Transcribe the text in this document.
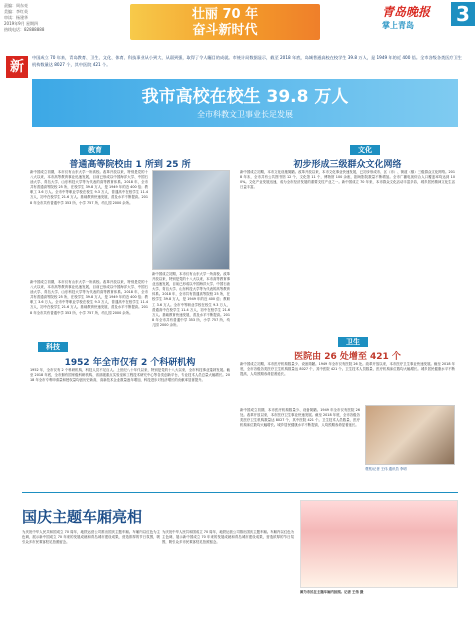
责编：周东亮
美编：李红英
审读：杨建华
2019年9月 星期四
热线电话：82888888
壮丽 70 年
奋斗新时代
青岛晚报
掌上青岛	3
新
中国成立 70 年来，青岛教育、卫生、文化、体育、科技事业从小到大、从弱到强，取得了令人瞩目的成就。市统计局数据显示，截至 2018 年底，岛城普通高校在校学生 39.8 万人，是 1949 年的近 400 倍。全市各级各类医疗卫生机构数量达 8027 个，其中医院 421 个。
我市高校在校生 39.8 万人
全市科教文卫事业长足发展
教育
普通高等院校由 1 所到 25 所
新中国成立初期，本市仅有山东大学一所高校。改革开放以来，特别是党的十八大以来，本市高等教育事业迅速发展，目前已形成以中国海洋大学、中国石油大学、青岛大学、山东科技大学等为代表的高等教育体系。2018 年，全市共有普通高等院校 25 所，在校学生 39.8 万人，是 1949 年的近 400 倍；教职工 3.6 万人。全市中等职业学校在校生 9.3 万人，普通高中在校学生 11.4 万人，初中在校学生 21.6 万人。基础教育快速发展，普及水平不断提高。2018 年全市共有普通中学 353 所，小学 757 所，幼儿园 2000 余所。
新中国成立初期，本市仅有山东大学一所高校。改革开放以来，特别是党的十八大以来，本市高等教育事业迅速发展，目前已形成以中国海洋大学、中国石油大学、青岛大学、山东科技大学等为代表的高等教育体系。2018 年，全市共有普通高等院校 25 所，在校学生 39.8 万人，是 1949 年的近 400 倍；教职工 3.6 万人。全市中等职业学校在校生 9.3 万人，普通高中在校学生 11.4 万人，初中在校学生 21.6 万人。基础教育快速发展，普及水平不断提高。2018 年全市共有普通中学 353 所，小学 757 所，幼儿园 2000 余所。
新中国成立初期，本市仅有山东大学一所高校。改革开放以来，特别是党的十八大以来，本市高等教育事业迅速发展，目前已形成以中国海洋大学、中国石油大学、青岛大学、山东科技大学等为代表的高等教育体系。2018 年，全市共有普通高等院校 25 所，在校学生 39.8 万人，是 1949 年的近 400 倍；教职工 3.6 万人。全市中等职业学校在校生 9.3 万人，普通高中在校学生 11.4 万人，初中在校学生 21.6 万人。基础教育快速发展，普及水平不断提高。2018 年全市共有普通中学 353 所，小学 757 所，幼儿园 2000 余所。
科技
1952 年全市仅有 2 个科研机构
1952 年，全市仅有 2 个科研机构，科技人员不足百人。上世纪八十年代以来，特别是党的十八大以来，全市科技事业蓬勃发展。截至 2018 年底，全市拥有国家级科研机构、省部级重点实验室和工程技术研究中心等各类创新平台，专业技术人员总量大幅增长。2018 年全市专利申请量和授权量均创历史新高，高新技术企业数量逐年增加，科技进步对经济增长的贡献率显著提升。
文化
初步形成三级群众文化网络
新中国成立初期，本市文化设施简陋。改革开放以来，本市文化事业快速发展，已初步形成市、区（市）、街道（镇）三级群众文化网络。2018 年末，全市共有公共图书馆 12 个，文化馆 11 个，博物馆 100 余座，剧场影院数量不断增加。全市广播电视综合人口覆盖率均达到 100%。文化产业发展迅速，成为全市经济发展的重要支柱产业之一。新中国成立 70 年来，本市群众文化活动丰富多彩，城乡居民精神文化生活日益丰富。
卫生
医院由 26 处增至 421 个
新中国成立初期，本市医疗机构数量少、设备简陋。1949 年全市仅有医院 26 处。改革开放以来，本市医疗卫生事业快速发展。截至 2018 年底，全市各级各类医疗卫生机构数量达 8027 个，其中医院 421 个。卫生技术人员数量、医疗机构床位数均大幅增长。城乡居民健康水平不断提高，人均预期寿命显著延长。
新中国成立初期，本市医疗机构数量少、设备简陋。1949 年全市仅有医院 26 处。改革开放以来，本市医疗卫生事业快速发展。截至 2018 年底，全市各级各类医疗卫生机构数量达 8027 个，其中医院 421 个。卫生技术人员数量、医疗机构床位数均大幅增长。城乡居民健康水平不断提高，人均预期寿命显著延长。
观察/记者 王伟 通讯员 李明
国庆主题车厢亮相
为庆祝中华人民共和国成立 70 周年，地铁运营公司推出国庆主题车厢。车厢内以红色为主色调，展示新中国成立 70 年来的发展成就和青岛城市建设成果，营造浓厚的节日氛围，吸引众多市民乘客驻足拍照留念。
为庆祝中华人民共和国成立 70 周年，地铁运营公司推出国庆主题车厢。车厢内以红色为主色调，展示新中国成立 70 年来的发展成就和青岛城市建设成果，营造浓厚的节日氛围，吸引众多市民乘客驻足拍照留念。
图为市民在主题车厢内拍照。记者 王伟 摄
